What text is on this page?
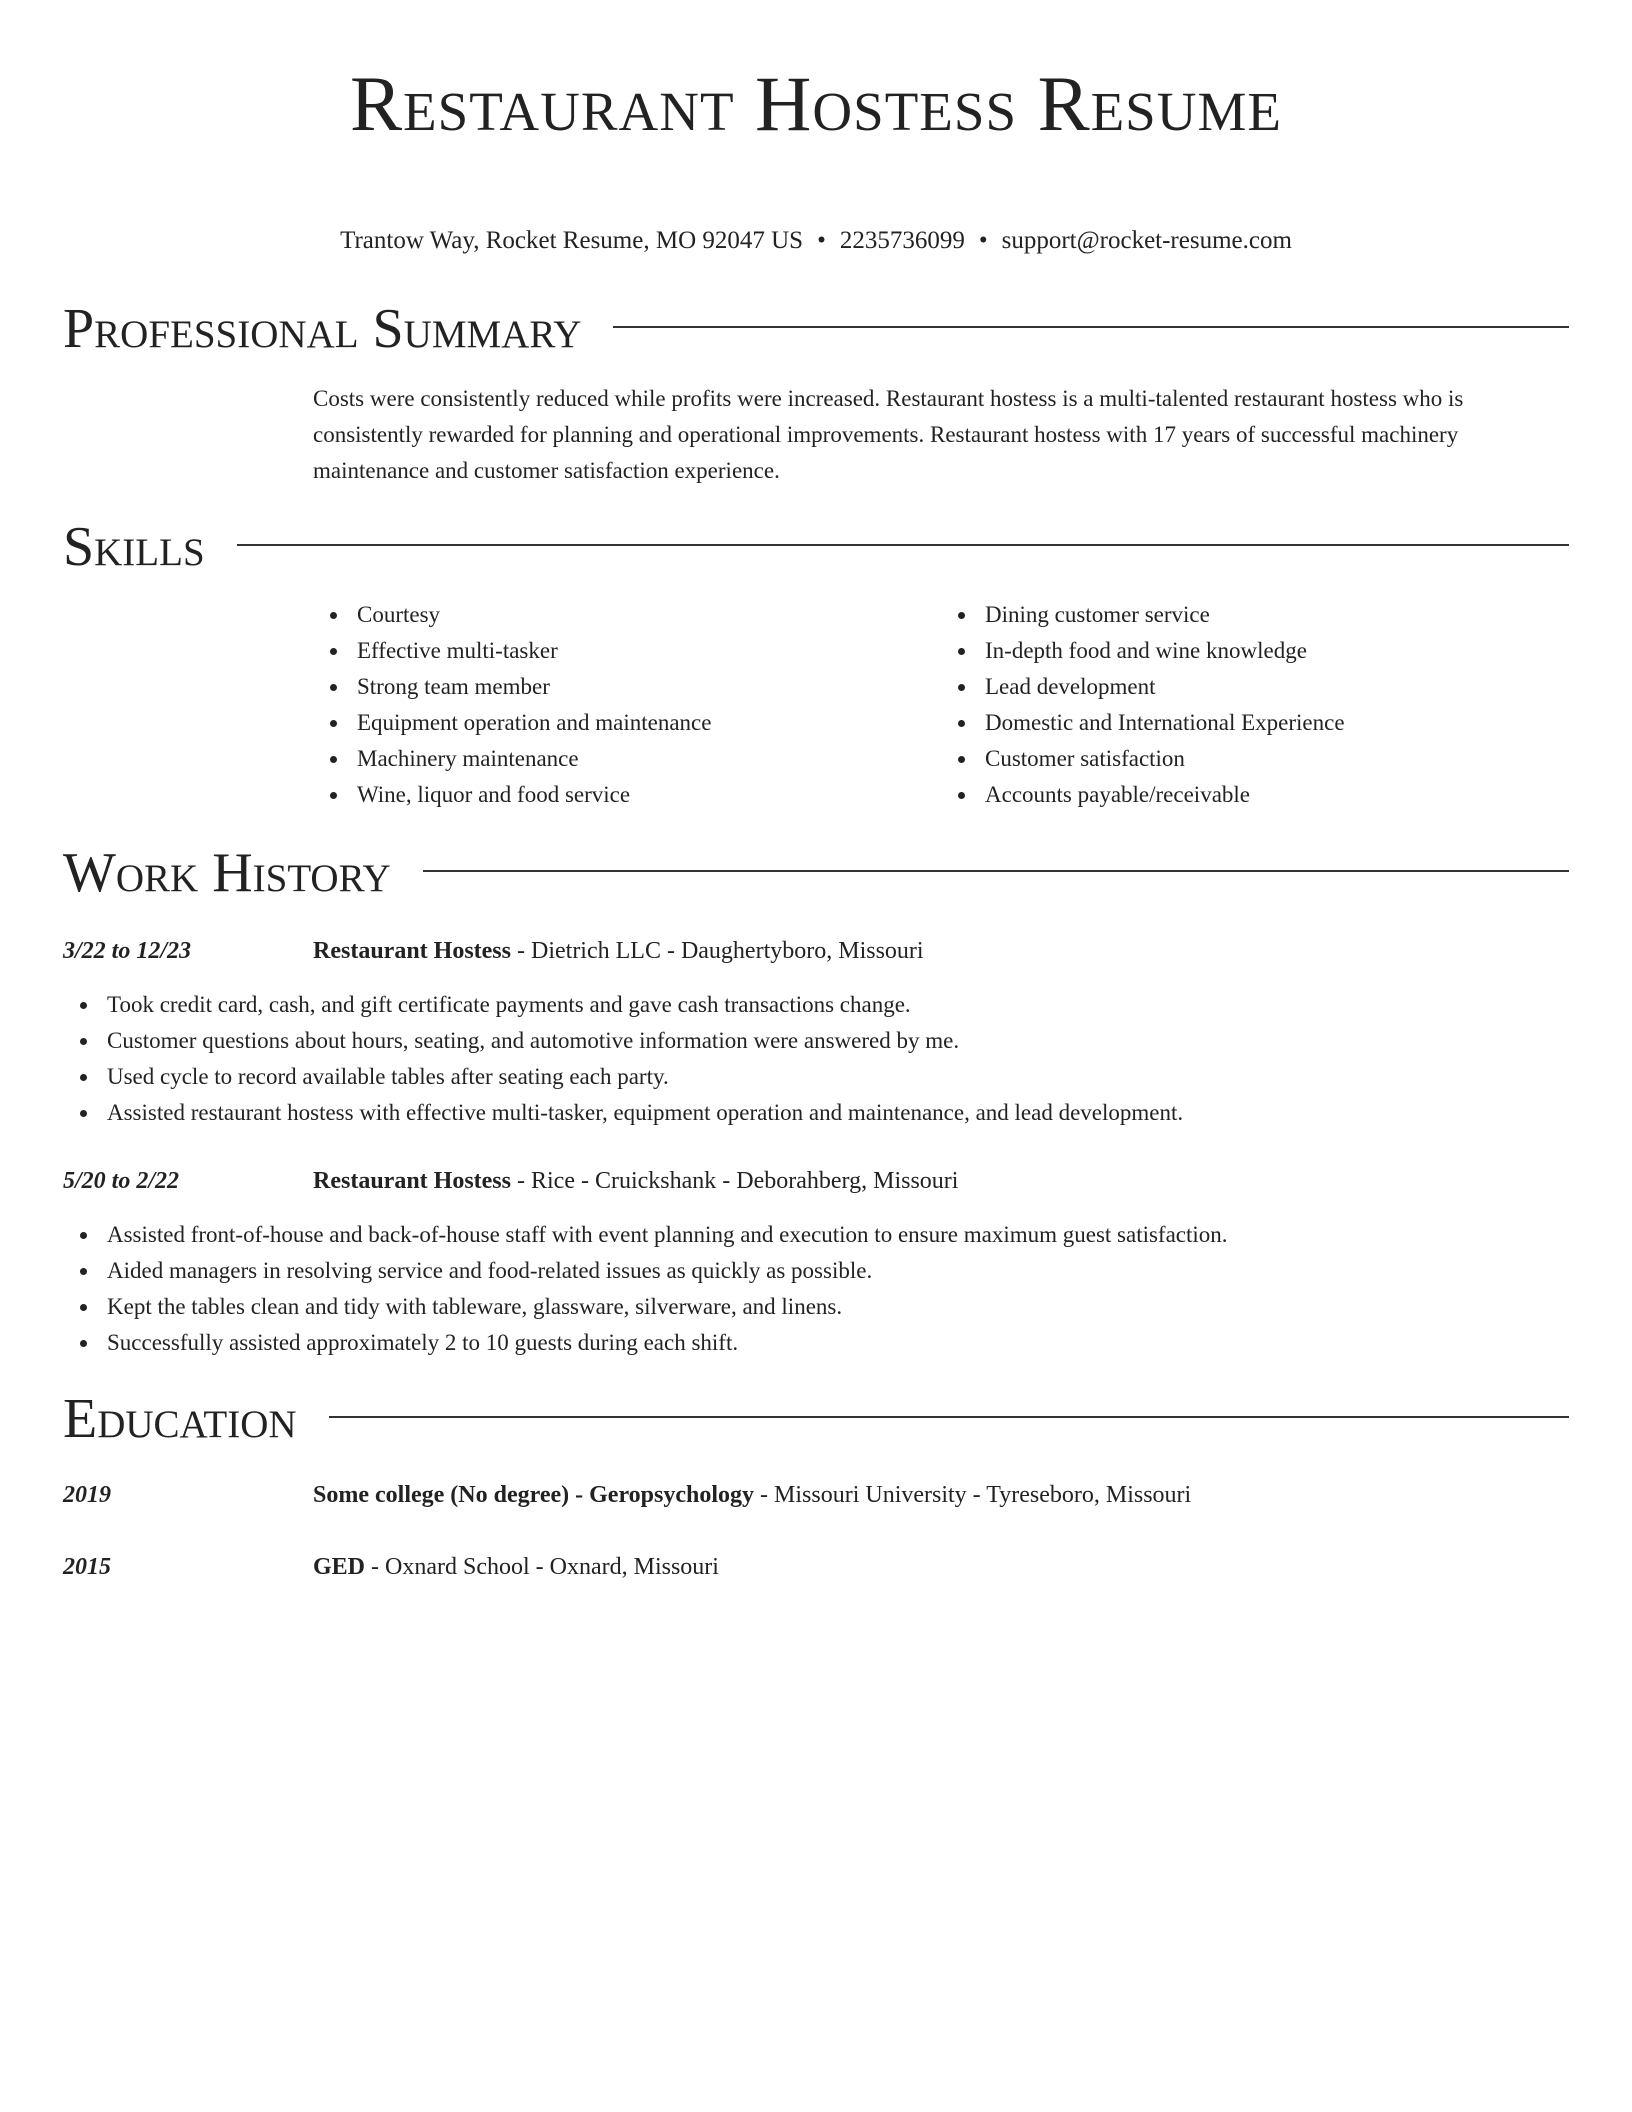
Restaurant Hostess Resume
Trantow Way, Rocket Resume, MO 92047 US • 2235736099 • support@rocket-resume.com
Professional Summary
Costs were consistently reduced while profits were increased. Restaurant hostess is a multi-talented restaurant hostess who is consistently rewarded for planning and operational improvements. Restaurant hostess with 17 years of successful machinery maintenance and customer satisfaction experience.
Skills
Courtesy
Effective multi-tasker
Strong team member
Equipment operation and maintenance
Machinery maintenance
Wine, liquor and food service
Dining customer service
In-depth food and wine knowledge
Lead development
Domestic and International Experience
Customer satisfaction
Accounts payable/receivable
Work History
3/22 to 12/23	Restaurant Hostess - Dietrich LLC - Daughertyboro, Missouri
Took credit card, cash, and gift certificate payments and gave cash transactions change.
Customer questions about hours, seating, and automotive information were answered by me.
Used cycle to record available tables after seating each party.
Assisted restaurant hostess with effective multi-tasker, equipment operation and maintenance, and lead development.
5/20 to 2/22	Restaurant Hostess - Rice - Cruickshank - Deborahberg, Missouri
Assisted front-of-house and back-of-house staff with event planning and execution to ensure maximum guest satisfaction.
Aided managers in resolving service and food-related issues as quickly as possible.
Kept the tables clean and tidy with tableware, glassware, silverware, and linens.
Successfully assisted approximately 2 to 10 guests during each shift.
Education
2019	Some college (No degree) - Geropsychology - Missouri University - Tyreseboro, Missouri
2015	GED - Oxnard School - Oxnard, Missouri
